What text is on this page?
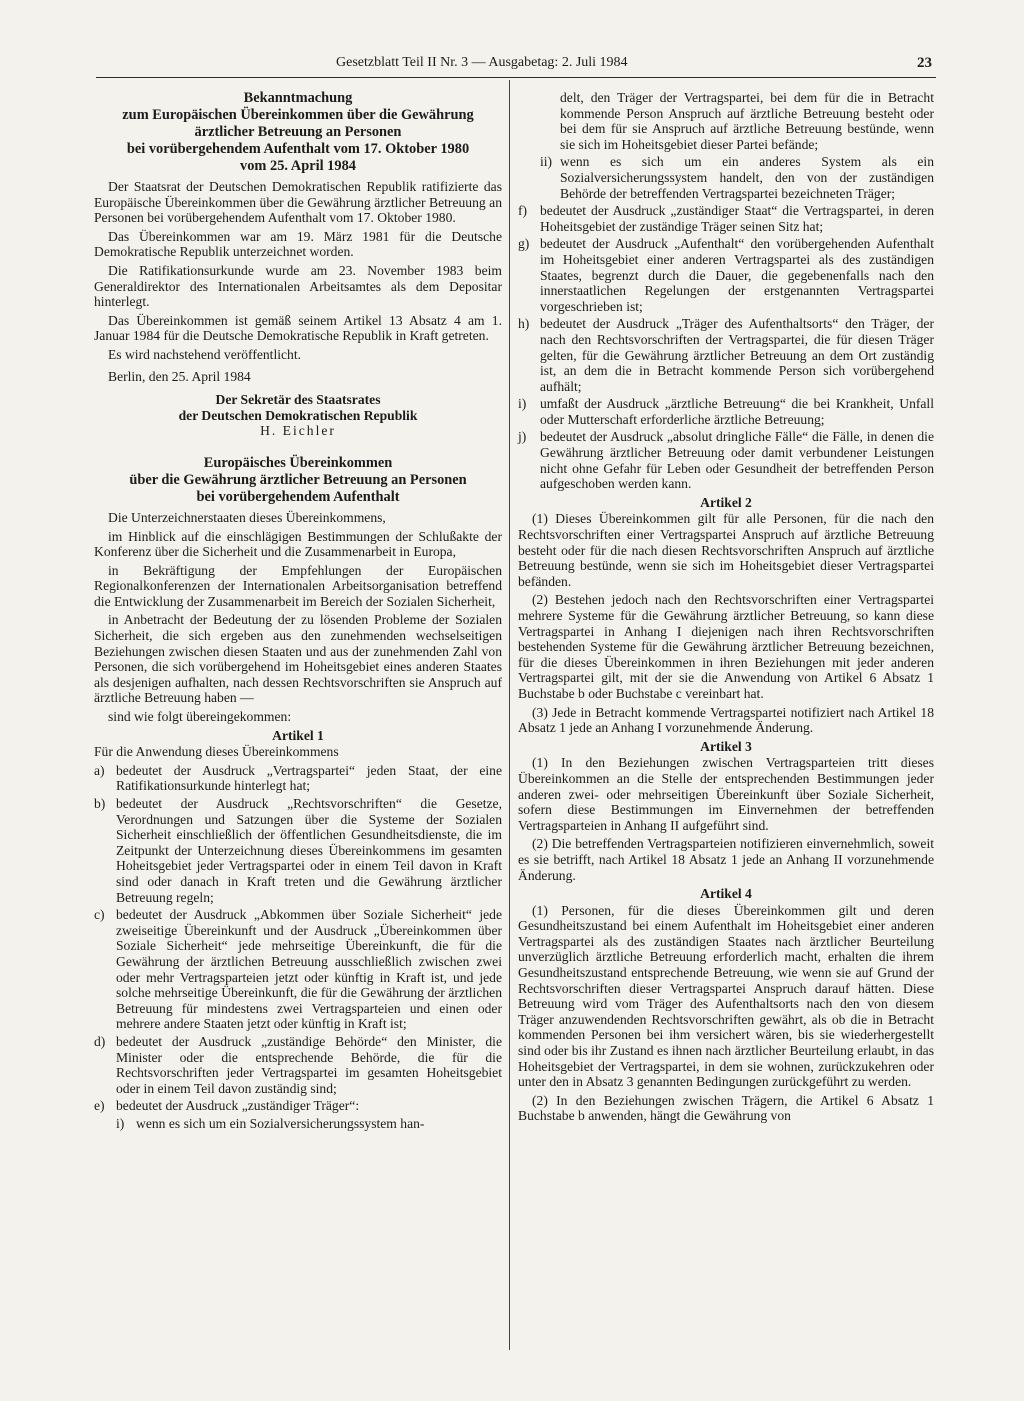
Gesetzblatt Teil II Nr. 3 — Ausgabetag: 2. Juli 1984	23
Bekanntmachung
zum Europäischen Übereinkommen über die Gewährung
ärztlicher Betreuung an Personen
bei vorübergehendem Aufenthalt vom 17. Oktober 1980
vom 25. April 1984

Der Staatsrat der Deutschen Demokratischen Republik ratifizierte das Europäische Übereinkommen über die Gewährung ärztlicher Betreuung an Personen bei vorübergehendem Aufenthalt vom 17. Oktober 1980.

Das Übereinkommen war am 19. März 1981 für die Deutsche Demokratische Republik unterzeichnet worden.

Die Ratifikationsurkunde wurde am 23. November 1983 beim Generaldirektor des Internationalen Arbeitsamtes als dem Depositar hinterlegt.

Das Übereinkommen ist gemäß seinem Artikel 13 Absatz 4 am 1. Januar 1984 für die Deutsche Demokratische Republik in Kraft getreten.

Es wird nachstehend veröffentlicht.

Berlin, den 25. April 1984

Der Sekretär des Staatsrates

der Deutschen Demokratischen Republik

H. Eichler

Europäisches Übereinkommen
über die Gewährung ärztlicher Betreuung an Personen
bei vorübergehendem Aufenthalt

Die Unterzeichnerstaaten dieses Übereinkommens,

im Hinblick auf die einschlägigen Bestimmungen der Schlußakte der Konferenz über die Sicherheit und die Zusammenarbeit in Europa,

in Bekräftigung der Empfehlungen der Europäischen Regionalkonferenzen der Internationalen Arbeitsorganisation betreffend die Entwicklung der Zusammenarbeit im Bereich der Sozialen Sicherheit,

in Anbetracht der Bedeutung der zu lösenden Probleme der Sozialen Sicherheit, die sich ergeben aus den zunehmenden wechselseitigen Beziehungen zwischen diesen Staaten und aus der zunehmenden Zahl von Personen, die sich vorübergehend im Hoheitsgebiet eines anderen Staates als desjenigen aufhalten, nach dessen Rechtsvorschriften sie Anspruch auf ärztliche Betreuung haben —

sind wie folgt übereingekommen:

Artikel 1

Für die Anwendung dieses Übereinkommens

a) bedeutet der Ausdruck „Vertragspartei“ jeden Staat, der eine Ratifikationsurkunde hinterlegt hat;
b) bedeutet der Ausdruck „Rechtsvorschriften“ die Gesetze, Verordnungen und Satzungen über die Systeme der Sozialen Sicherheit einschließlich der öffentlichen Gesundheitsdienste, die im Zeitpunkt der Unterzeichnung dieses Übereinkommens im gesamten Hoheitsgebiet jeder Vertragspartei oder in einem Teil davon in Kraft sind oder danach in Kraft treten und die Gewährung ärztlicher Betreuung regeln;
c) bedeutet der Ausdruck „Abkommen über Soziale Sicherheit“ jede zweiseitige Übereinkunft und der Ausdruck „Übereinkommen über Soziale Sicherheit“ jede mehrseitige Übereinkunft, die für die Gewährung der ärztlichen Betreuung ausschließlich zwischen zwei oder mehr Vertragsparteien jetzt oder künftig in Kraft ist, und jede solche mehrseitige Übereinkunft, die für die Gewährung der ärztlichen Betreuung für mindestens zwei Vertragsparteien und einen oder mehrere andere Staaten jetzt oder künftig in Kraft ist;
d) bedeutet der Ausdruck „zuständige Behörde“ den Minister, die Minister oder die entsprechende Behörde, die für die Rechtsvorschriften jeder Vertragspartei im gesamten Hoheitsgebiet oder in einem Teil davon zuständig sind;
e) bedeutet der Ausdruck „zuständiger Träger“:
i) wenn es sich um ein Sozialversicherungssystem han-

delt, den Träger der Vertragspartei, bei dem für die in Betracht kommende Person Anspruch auf ärztliche Betreuung besteht oder bei dem für sie Anspruch auf ärztliche Betreuung bestünde, wenn sie sich im Hoheitsgebiet dieser Partei befände;

ii) wenn es sich um ein anderes System als ein Sozialversicherungssystem handelt, den von der zuständigen Behörde der betreffenden Vertragspartei bezeichneten Träger;
f) bedeutet der Ausdruck „zuständiger Staat“ die Vertragspartei, in deren Hoheitsgebiet der zuständige Träger seinen Sitz hat;
g) bedeutet der Ausdruck „Aufenthalt“ den vorübergehenden Aufenthalt im Hoheitsgebiet einer anderen Vertragspartei als des zuständigen Staates, begrenzt durch die Dauer, die gegebenenfalls nach den innerstaatlichen Regelungen der erstgenannten Vertragspartei vorgeschrieben ist;
h) bedeutet der Ausdruck „Träger des Aufenthaltsorts“ den Träger, der nach den Rechtsvorschriften der Vertragspartei, die für diesen Träger gelten, für die Gewährung ärztlicher Betreuung an dem Ort zuständig ist, an dem die in Betracht kommende Person sich vorübergehend aufhält;
i)	umfaßt der Ausdruck „ärztliche Betreuung“ die bei Krankheit, Unfall oder Mutterschaft erforderliche ärztliche Betreuung;
j)	bedeutet der Ausdruck „absolut dringliche Fälle“ die Fälle, in denen die Gewährung ärztlicher Betreuung oder damit verbundener Leistungen nicht ohne Gefahr für Leben oder Gesundheit der betreffenden Person aufgeschoben werden kann.
Artikel 2

(1) Dieses Übereinkommen gilt für alle Personen, für die nach den Rechtsvorschriften einer Vertragspartei Anspruch auf ärztliche Betreuung besteht oder für die nach diesen Rechtsvorschriften Anspruch auf ärztliche Betreuung bestünde, wenn sie sich im Hoheitsgebiet dieser Vertragspartei befänden.

(2) Bestehen jedoch nach den Rechtsvorschriften einer Vertragspartei mehrere Systeme für die Gewährung ärztlicher Betreuung, so kann diese Vertragspartei in Anhang I diejenigen nach ihren Rechtsvorschriften bestehenden Systeme für die Gewährung ärztlicher Betreuung bezeichnen, für die dieses Übereinkommen in ihren Beziehungen mit jeder anderen Vertragspartei gilt, mit der sie die Anwendung von Artikel 6 Absatz 1 Buchstabe b oder Buchstabe c vereinbart hat.

(3) Jede in Betracht kommende Vertragspartei notifiziert nach Artikel 18 Absatz 1 jede an Anhang I vorzunehmende Änderung.

Artikel 3

(1) In den Beziehungen zwischen Vertragsparteien tritt dieses Übereinkommen an die Stelle der entsprechenden Bestimmungen jeder anderen zwei- oder mehrseitigen Übereinkunft über Soziale Sicherheit, sofern diese Bestimmungen im Einvernehmen der betreffenden Vertragsparteien in Anhang II aufgeführt sind.

(2) Die betreffenden Vertragsparteien notifizieren einvernehmlich, soweit es sie betrifft, nach Artikel 18 Absatz 1 jede an Anhang II vorzunehmende Änderung.

Artikel 4

(1) Personen, für die dieses Übereinkommen gilt und deren Gesundheitszustand bei einem Aufenthalt im Hoheitsgebiet einer anderen Vertragspartei als des zuständigen Staates nach ärztlicher Beurteilung unverzüglich ärztliche Betreuung erforderlich macht, erhalten die ihrem Gesundheitszustand entsprechende Betreuung, wie wenn sie auf Grund der Rechtsvorschriften dieser Vertragspartei Anspruch darauf hätten. Diese Betreuung wird vom Träger des Aufenthaltsorts nach den von diesem Träger anzuwendenden Rechtsvorschriften gewährt, als ob die in Betracht kommenden Personen bei ihm versichert wären, bis sie wiederhergestellt sind oder bis ihr Zustand es ihnen nach ärztlicher Beurteilung erlaubt, in das Hoheitsgebiet der Vertragspartei, in dem sie wohnen, zurückzukehren oder unter den in Absatz 3 genannten Bedingungen zurückgeführt zu werden.

(2) In den Beziehungen zwischen Trägern, die Artikel 6 Absatz 1 Buchstabe b anwenden, hängt die Gewährung von
